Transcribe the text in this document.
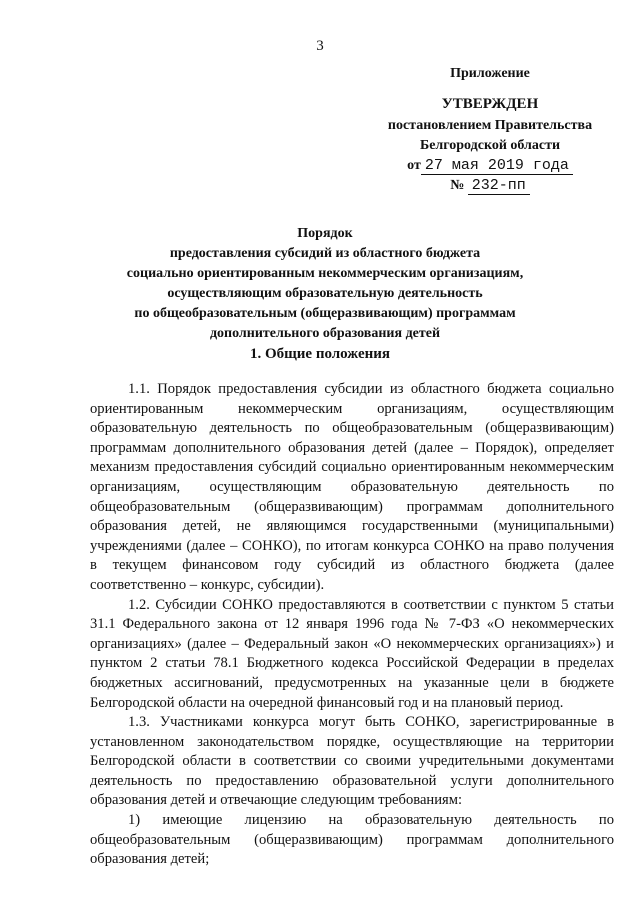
3
Приложение
УТВЕРЖДЕН
постановлением Правительства
Белгородской области
от 27 мая 2019 года
№ 232-пп
Порядок
предоставления субсидий из областного бюджета
социально ориентированным некоммерческим организациям,
осуществляющим образовательную деятельность
по общеобразовательным (общеразвивающим) программам
дополнительного образования детей
1. Общие положения

1.1. Порядок предоставления субсидии из областного бюджета социально ориентированным некоммерческим организациям, осуществляющим образовательную деятельность по общеобразовательным (общеразвивающим) программам дополнительного образования детей (далее – Порядок), определяет механизм предоставления субсидий социально ориентированным некоммерческим организациям, осуществляющим образовательную деятельность по общеобразовательным (общеразвивающим) программам дополнительного образования детей, не являющимся государственными (муниципальными) учреждениями (далее – СОНКО), по итогам конкурса СОНКО на право получения в текущем финансовом году субсидий из областного бюджета (далее соответственно – конкурс, субсидии).

1.2. Субсидии СОНКО предоставляются в соответствии с пунктом 5 статьи 31.1 Федерального закона от 12 января 1996 года № 7-ФЗ «О некоммерческих организациях» (далее – Федеральный закон «О некоммерческих организациях») и пунктом 2 статьи 78.1 Бюджетного кодекса Российской Федерации в пределах бюджетных ассигнований, предусмотренных на указанные цели в бюджете Белгородской области на очередной финансовый год и на плановый период.

1.3. Участниками конкурса могут быть СОНКО, зарегистрированные в установленном законодательством порядке, осуществляющие на территории Белгородской области в соответствии со своими учредительными документами деятельность по предоставлению образовательной услуги дополнительного образования детей и отвечающие следующим требованиям:

1) имеющие лицензию на образовательную деятельность по общеобразовательным (общеразвивающим) программам дополнительного образования детей;
